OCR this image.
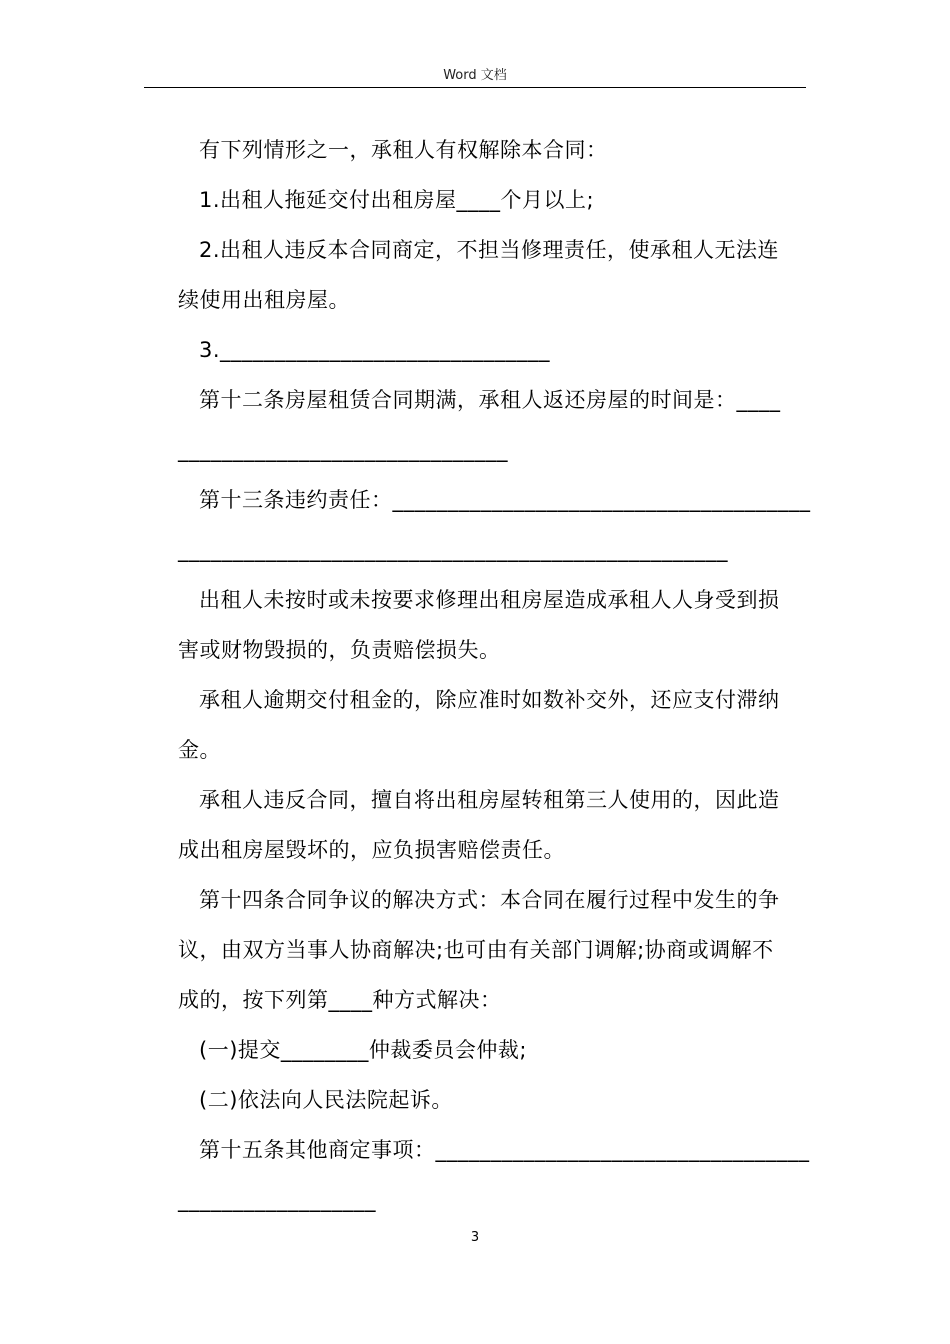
Word 文档
有下列情形之一，承租人有权解除本合同：
1.出租人拖延交付出租房屋____个月以上;
2.出租人违反本合同商定，不担当修理责任，使承租人无法连
续使用出租房屋。
3.______________________________
第十二条房屋租赁合同期满，承租人返还房屋的时间是：____
______________________________
第十三条违约责任：______________________________________
__________________________________________________
出租人未按时或未按要求修理出租房屋造成承租人人身受到损
害或财物毁损的，负责赔偿损失。
承租人逾期交付租金的，除应准时如数补交外，还应支付滞纳
金。
承租人违反合同，擅自将出租房屋转租第三人使用的，因此造
成出租房屋毁坏的，应负损害赔偿责任。
第十四条合同争议的解决方式：本合同在履行过程中发生的争
议，由双方当事人协商解决;也可由有关部门调解;协商或调解不
成的，按下列第____种方式解决：
(一)提交________仲裁委员会仲裁;
(二)依法向人民法院起诉。
第十五条其他商定事项：__________________________________
__________________
3
